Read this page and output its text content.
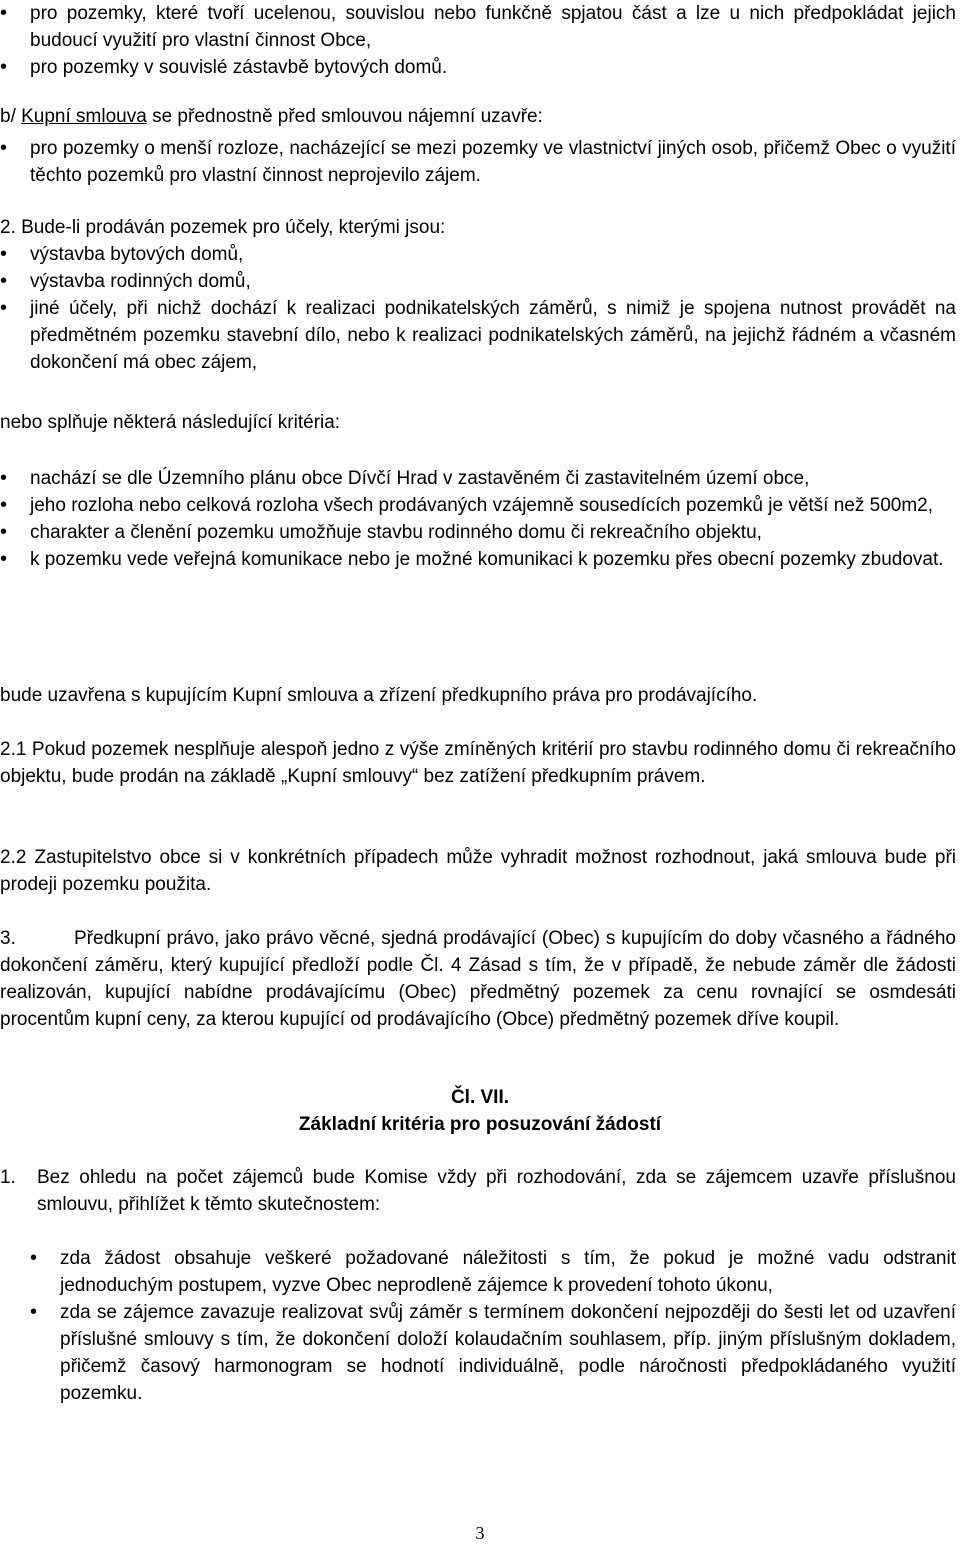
• pro pozemky, které tvoří ucelenou, souvislou nebo funkčně spjatou část a lze u nich předpokládat jejich budoucí využití pro vlastní činnost Obce,
• pro pozemky v souvislé zástavbě bytových domů.
b/ Kupní smlouva se přednostně před smlouvou nájemní uzavře:
• pro pozemky o menší rozloze, nacházející se mezi pozemky ve vlastnictví jiných osob, přičemž Obec o využití těchto pozemků pro vlastní činnost neprojevilo zájem.
2. Bude-li prodáván pozemek pro účely, kterými jsou:
• výstavba bytových domů,
• výstavba rodinných domů,
• jiné účely, při nichž dochází k realizaci podnikatelských záměrů, s nimiž je spojena nutnost provádět na předmětném pozemku stavební dílo, nebo k realizaci podnikatelských záměrů, na jejichž řádném a včasném dokončení má obec zájem,
nebo splňuje některá následující kritéria:
• nachází se dle Územního plánu obce Dívčí Hrad v zastavěném či zastavitelném území obce,
• jeho rozloha nebo celková rozloha všech prodávaných vzájemně sousedících pozemků je větší než 500m2,
• charakter a členění pozemku umožňuje stavbu rodinného domu či rekreačního objektu,
• k pozemku vede veřejná komunikace nebo je možné komunikaci k pozemku přes obecní pozemky zbudovat.
bude uzavřena s kupujícím Kupní smlouva a zřízení předkupního práva pro prodávajícího.
2.1 Pokud pozemek nesplňuje alespoň jedno z výše zmíněných kritérií pro stavbu rodinného domu či rekreačního objektu, bude prodán na základě „Kupní smlouvy“ bez zatížení předkupním právem.
2.2 Zastupitelstvo obce si v konkrétních případech může vyhradit možnost rozhodnout, jaká smlouva bude při prodeji pozemku použita.
3.	Předkupní právo, jako právo věcné, sjedná prodávající (Obec) s kupujícím do doby včasného a řádného dokončení záměru, který kupující předloží podle Čl. 4 Zásad s tím, že v případě, že nebude záměr dle žádosti realizován, kupující nabídne prodávajícímu (Obec) předmětný pozemek za cenu rovnající se osmdesáti procentům kupní ceny, za kterou kupující od prodávajícího (Obce) předmětný pozemek dříve koupil.
Čl. VII.
Základní kritéria pro posuzování žádostí
1. Bez ohledu na počet zájemců bude Komise vždy při rozhodování, zda se zájemcem uzavře příslušnou smlouvu, přihlížet k těmto skutečnostem:
• zda žádost obsahuje veškeré požadované náležitosti s tím, že pokud je možné vadu odstranit jednoduchým postupem, vyzve Obec neprodleně zájemce k provedení tohoto úkonu,
• zda se zájemce zavazuje realizovat svůj záměr s termínem dokončení nejpozději do šesti let od uzavření příslušné smlouvy s tím, že dokončení doloží kolaudačním souhlasem, příp. jiným příslušným dokladem, přičemž časový harmonogram se hodnotí individuálně, podle náročnosti předpokládaného využití pozemku.
3
